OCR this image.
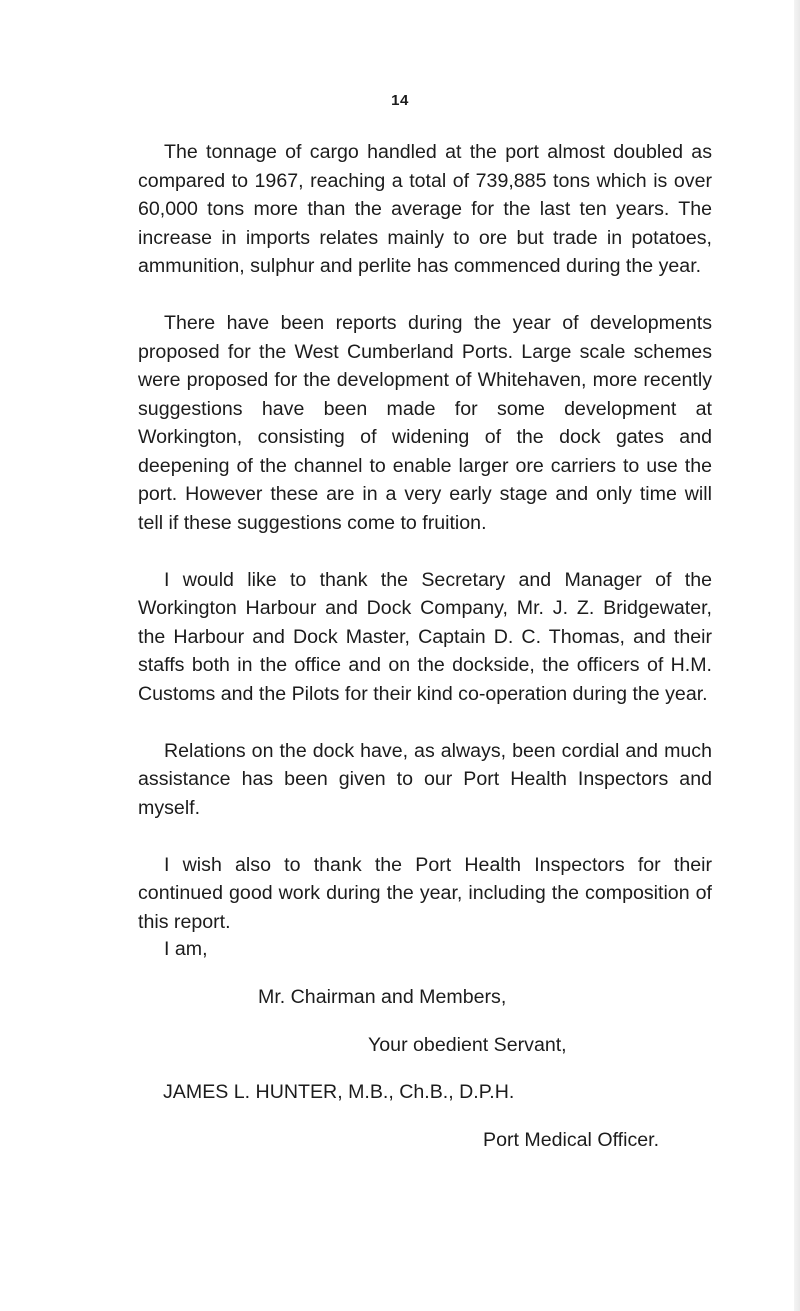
14

The tonnage of cargo handled at the port almost doubled as compared to 1967, reaching a total of 739,885 tons which is over 60,000 tons more than the average for the last ten years. The increase in imports relates mainly to ore but trade in potatoes, ammunition, sulphur and perlite has commenced during the year.

There have been reports during the year of developments proposed for the West Cumberland Ports. Large scale schemes were proposed for the development of Whitehaven, more recently suggestions have been made for some development at Workington, consisting of widening of the dock gates and deepening of the channel to enable larger ore carriers to use the port. However these are in a very early stage and only time will tell if these suggestions come to fruition.

I would like to thank the Secretary and Manager of the Workington Harbour and Dock Company, Mr. J. Z. Bridgewater, the Harbour and Dock Master, Captain D. C. Thomas, and their staffs both in the office and on the dockside, the officers of H.M. Customs and the Pilots for their kind co-operation during the year.

Relations on the dock have, as always, been cordial and much assistance has been given to our Port Health Inspectors and myself.

I wish also to thank the Port Health Inspectors for their continued good work during the year, including the composition of this report.

I am,
Mr. Chairman and Members,
Your obedient Servant,
JAMES L. HUNTER, M.B., Ch.B., D.P.H.
Port Medical Officer.
